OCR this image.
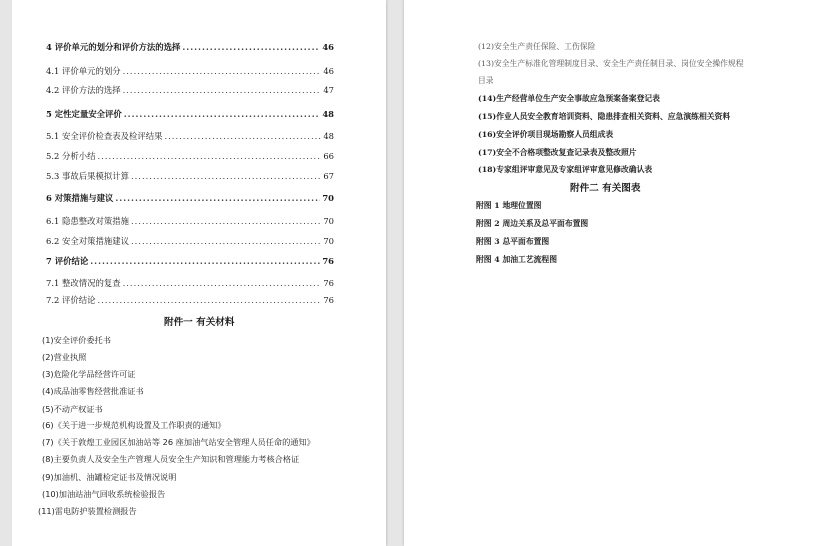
4 评价单元的划分和评价方法的选择 .....	46
4.1 评价单元的划分 .....	46
4.2 评价方法的选择 .....	47
5 定性定量安全评价 .....	48
5.1 安全评价检查表及检评结果 .....	48
5.2 分析小结 .....	66
5.3 事故后果模拟计算 .....	67
6 对策措施与建议 .....	70
6.1 隐患整改对策措施 .....	70
6.2 安全对策措施建议 .....	70
7 评价结论 .....	76
7.1 整改情况的复查 .....	76
7.2 评价结论 .....	76
附件一 有关材料
(1)安全评价委托书
(2)营业执照
(3)危险化学品经营许可证
(4)成品油零售经营批准证书
(5)不动产权证书
(6)《关于进一步规范机构设置及工作职责的通知》
(7)《关于敦煌工业园区加油站等 26 座加油气站安全管理人员任命的通知》
(8)主要负责人及安全生产管理人员安全生产知识和管理能力考核合格证
(9)加油机、油罐检定证书及情况说明
(10)加油站油气回收系统检验报告
(11)雷电防护装置检测报告
(12)安全生产责任保险、工伤保险
(13)安全生产标准化管理制度目录、安全生产责任制目录、岗位安全操作规程
目录
(14)生产经营单位生产安全事故应急预案备案登记表
(15)作业人员安全教育培训资料、隐患排查相关资料、应急演练相关资料
(16)安全评价项目现场勘察人员组成表
(17)安全不合格项整改复查记录表及整改照片
(18)专家组评审意见及专家组评审意见修改确认表
附件二 有关图表
附图 1 地理位置图
附图 2 周边关系及总平面布置图
附图 3 总平面布置图
附图 4 加油工艺流程图
